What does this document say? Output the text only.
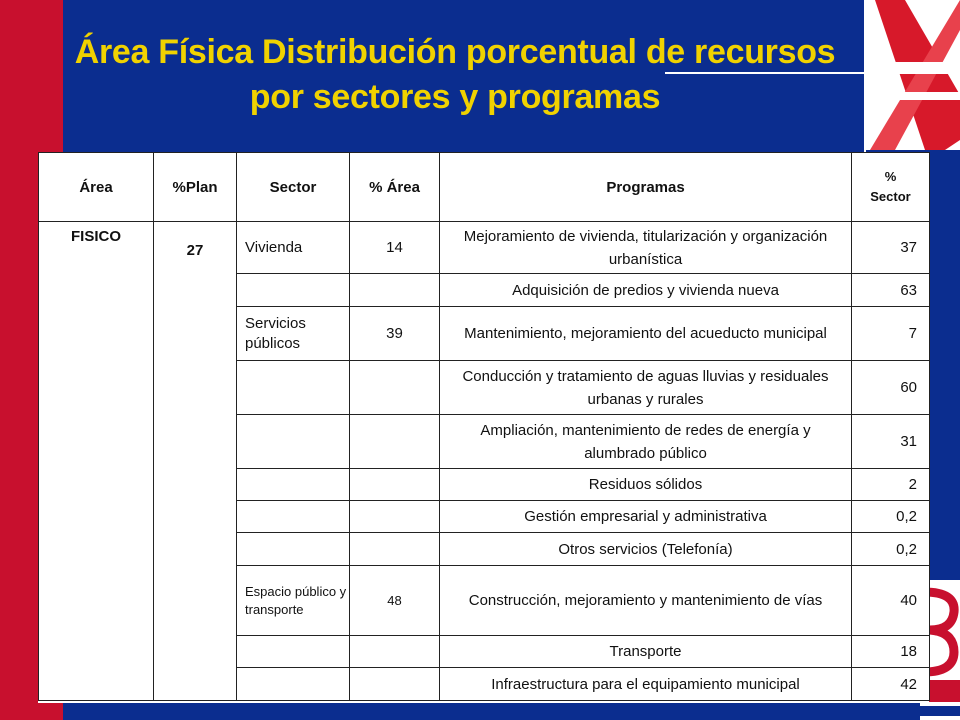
Área Física Distribución porcentual de recursos
por sectores y programas
Área	%Plan	Sector	% Área	Programas	%
Sector

FISICO	27	Vivienda	14	Mejoramiento de vivienda, titularización y organización urbanística	37
				Adquisición de predios y vivienda nueva	63
		Servicios públicos	39	Mantenimiento, mejoramiento del acueducto municipal	7
				Conducción y tratamiento de aguas lluvias y residuales urbanas y rurales	60
				Ampliación, mantenimiento de redes de energía y alumbrado público	31
				Residuos sólidos	2
				Gestión empresarial y administrativa	0,2
				Otros servicios (Telefonía)	0,2
		Espacio público y transporte	48	Construcción, mejoramiento y mantenimiento de vías	40
				Transporte	18
				Infraestructura para el equipamiento municipal	42
